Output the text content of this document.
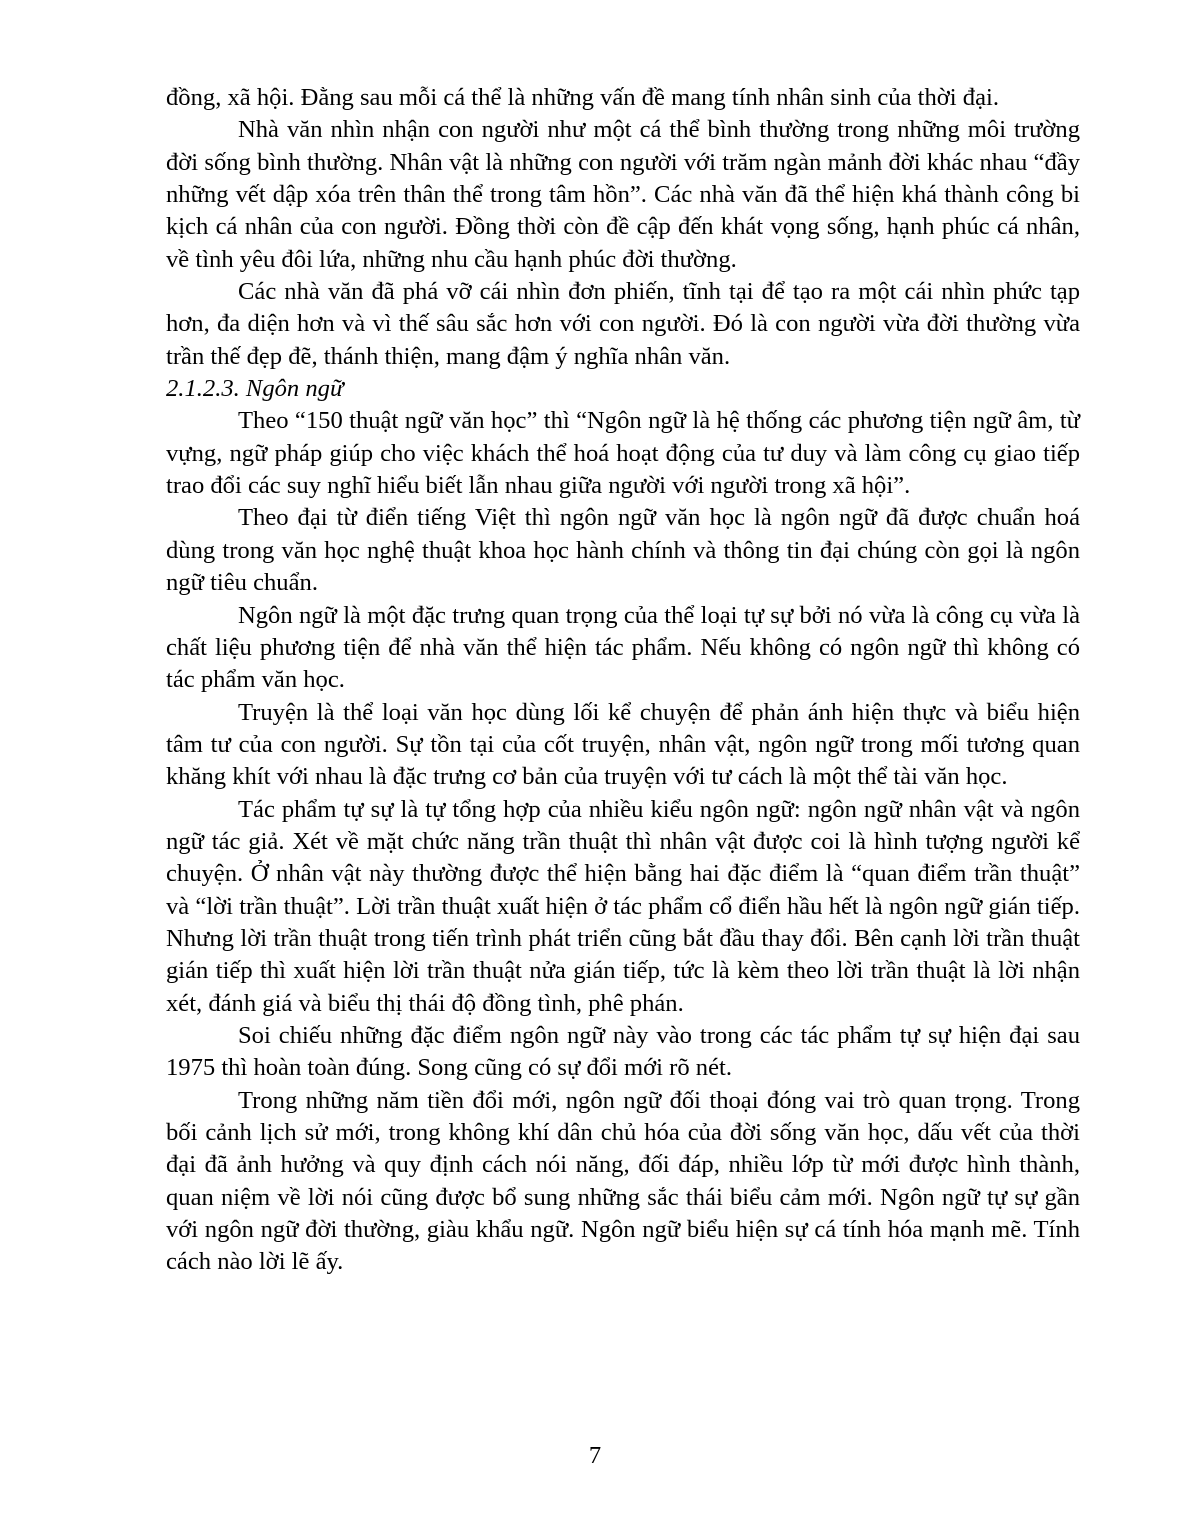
đồng, xã hội. Đằng sau mỗi cá thể là những vấn đề mang tính nhân sinh của thời đại.

Nhà văn nhìn nhận con người như một cá thể bình thường trong những môi trường đời sống bình thường. Nhân vật là những con người với trăm ngàn mảnh đời khác nhau “đầy những vết dập xóa trên thân thể trong tâm hồn”. Các nhà văn đã thể hiện khá thành công bi kịch cá nhân của con người. Đồng thời còn đề cập đến khát vọng sống, hạnh phúc cá nhân, về tình yêu đôi lứa, những nhu cầu hạnh phúc đời thường.

Các nhà văn đã phá vỡ cái nhìn đơn phiến, tĩnh tại để tạo ra một cái nhìn phức tạp hơn, đa diện hơn và vì thế sâu sắc hơn với con người. Đó là con người vừa đời thường vừa trần thế đẹp đẽ, thánh thiện, mang đậm ý nghĩa nhân văn.

2.1.2.3. Ngôn ngữ

Theo “150 thuật ngữ văn học” thì “Ngôn ngữ là hệ thống các phương tiện ngữ âm, từ vựng, ngữ pháp giúp cho việc khách thể hoá hoạt động của tư duy và làm công cụ giao tiếp trao đổi các suy nghĩ hiểu biết lẫn nhau giữa người với người trong xã hội”.

Theo đại từ điển tiếng Việt thì ngôn ngữ văn học là ngôn ngữ đã được chuẩn hoá dùng trong văn học nghệ thuật khoa học hành chính và thông tin đại chúng còn gọi là ngôn ngữ tiêu chuẩn.

Ngôn ngữ là một đặc trưng quan trọng của thể loại tự sự bởi nó vừa là công cụ vừa là chất liệu phương tiện để nhà văn thể hiện tác phẩm. Nếu không có ngôn ngữ thì không có tác phẩm văn học.

Truyện là thể loại văn học dùng lối kể chuyện để phản ánh hiện thực và biểu hiện tâm tư của con người. Sự tồn tại của cốt truyện, nhân vật, ngôn ngữ trong mối tương quan khăng khít với nhau là đặc trưng cơ bản của truyện với tư cách là một thể tài văn học.

Tác phẩm tự sự là tự tổng hợp của nhiều kiểu ngôn ngữ: ngôn ngữ nhân vật và ngôn ngữ tác giả. Xét về mặt chức năng trần thuật thì nhân vật được coi là hình tượng người kể chuyện. Ở nhân vật này thường được thể hiện bằng hai đặc điểm là “quan điểm trần thuật” và “lời trần thuật”. Lời trần thuật xuất hiện ở tác phẩm cổ điển hầu hết là ngôn ngữ gián tiếp. Nhưng lời trần thuật trong tiến trình phát triển cũng bắt đầu thay đổi. Bên cạnh lời trần thuật gián tiếp thì xuất hiện lời trần thuật nửa gián tiếp, tức là kèm theo lời trần thuật là lời nhận xét, đánh giá và biểu thị thái độ đồng tình, phê phán.

Soi chiếu những đặc điểm ngôn ngữ này vào trong các tác phẩm tự sự hiện đại sau 1975 thì hoàn toàn đúng. Song cũng có sự đổi mới rõ nét.

Trong những năm tiền đổi mới, ngôn ngữ đối thoại đóng vai trò quan trọng. Trong bối cảnh lịch sử mới, trong không khí dân chủ hóa của đời sống văn học, dấu vết của thời đại đã ảnh hưởng và quy định cách nói năng, đối đáp, nhiều lớp từ mới được hình thành, quan niệm về lời nói cũng được bổ sung những sắc thái biểu cảm mới. Ngôn ngữ tự sự gần với ngôn ngữ đời thường, giàu khẩu ngữ. Ngôn ngữ biểu hiện sự cá tính hóa mạnh mẽ. Tính cách nào lời lẽ ấy.

7
